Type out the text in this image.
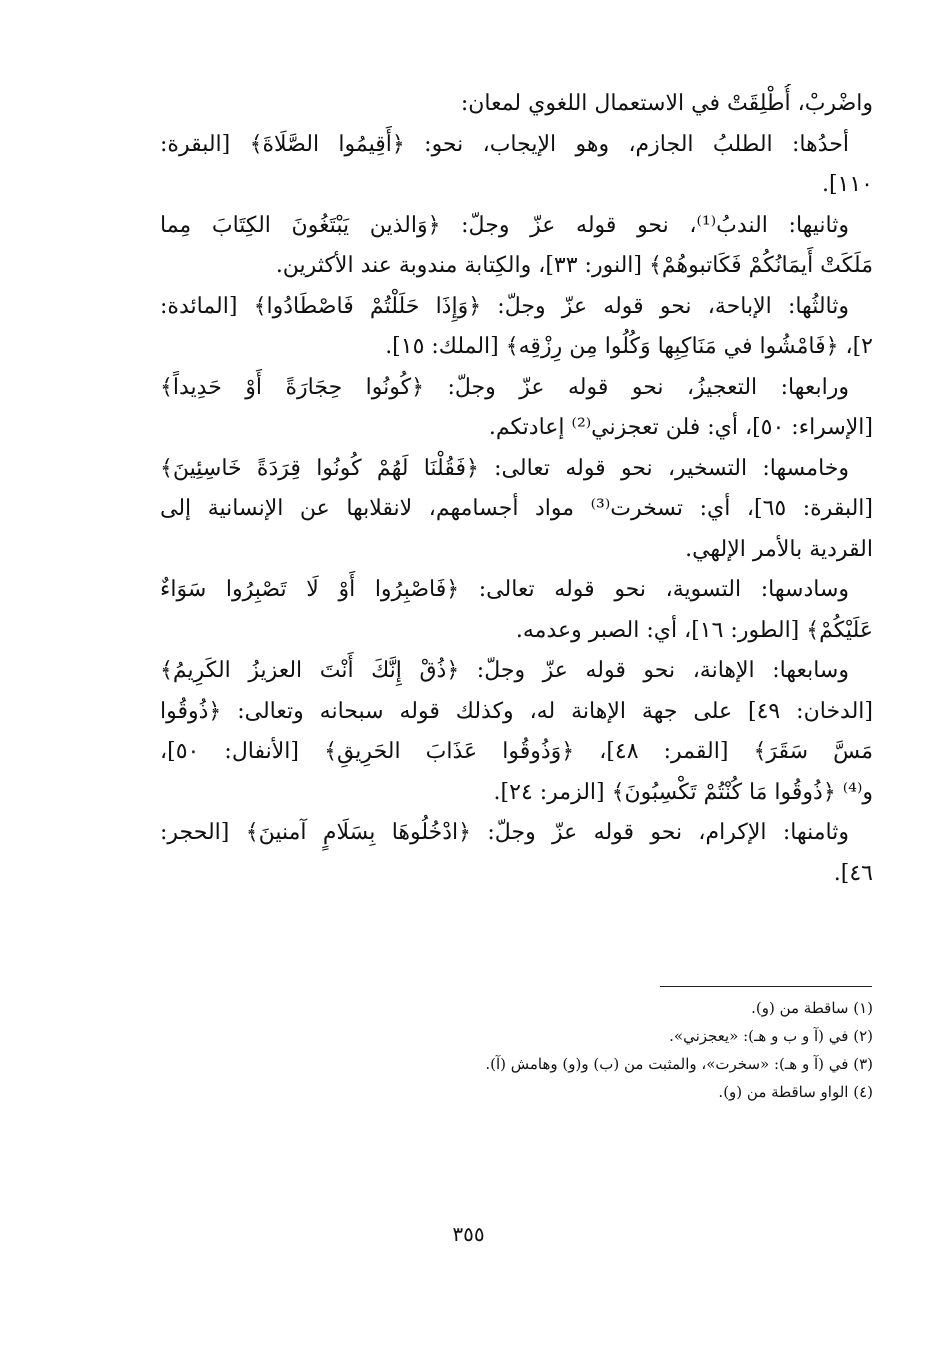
واضْربْ، أُطْلِقَتْ في الاستعمال اللغوي لمعان:
أحدُها: الطلبُ الجازم، وهو الإيجاب، نحو: ﴿أَقِيمُوا الصَّلَاةَ﴾ [البقرة:
١١٠].
وثانيها: الندبُ⁽¹⁾، نحو قوله عزّ وجلّ: ﴿وَالذين يَبْتَغُونَ الكِتَابَ مِما
مَلَكَتْ أَيمَانُكُمْ فَكَاتبوهُمْ﴾ [النور: ٣٣]، والكِتابة مندوبة عند الأكثرين.
وثالثُها: الإباحة، نحو قوله عزّ وجلّ: ﴿وَإِذَا حَلَلْتُمْ فَاصْطَادُوا﴾ [المائدة:
٢]، ﴿فَامْشُوا في مَنَاكِبِها وَكُلُوا مِن رِزْقِه﴾ [الملك: ١٥].
ورابعها: التعجيزُ، نحو قوله عزّ وجلّ: ﴿كُونُوا حِجَارَةً أَوْ حَدِيداً﴾
[الإسراء: ٥٠]، أي: فلن تعجزني⁽²⁾ إعادتكم.
وخامسها: التسخير، نحو قوله تعالى: ﴿فَقُلْنَا لَهُمْ كُونُوا قِرَدَةً خَاسِئِينَ﴾
[البقرة: ٦٥]، أي: تسخرت⁽³⁾ مواد أجسامهم، لانقلابها عن الإنسانية إلى
القردية بالأمر الإلهي.
وسادسها: التسوية، نحو قوله تعالى: ﴿فَاصْبِرُوا أَوْ لَا تَصْبِرُوا سَوَاءٌ
عَلَيْكُمْ﴾ [الطور: ١٦]، أي: الصبر وعدمه.
وسابعها: الإهانة، نحو قوله عزّ وجلّ: ﴿ذُقْ إِنَّكَ أَنْتَ العزيزُ الكَرِيمُ﴾
[الدخان: ٤٩] على جهة الإهانة له، وكذلك قوله سبحانه وتعالى: ﴿ذُوقُوا
مَسَّ سَقَرَ﴾ [القمر: ٤٨]، ﴿وَذُوقُوا عَذَابَ الحَرِيقِ﴾ [الأنفال: ٥٠]،
و⁽⁴⁾ ﴿ذُوقُوا مَا كُنْتُمْ تَكْسِبُونَ﴾ [الزمر: ٢٤].
وثامنها: الإكرام، نحو قوله عزّ وجلّ: ﴿ادْخُلُوهَا بِسَلَامٍ آمنينَ﴾ [الحجر:
٤٦].
(١) ساقطة من (و).
(٢) في (آ و ب و هـ): «يعجزني».
(٣) في (آ و هـ): «سخرت»، والمثبت من (ب) و(و) وهامش (آ).
(٤) الواو ساقطة من (و).
٣٥٥
